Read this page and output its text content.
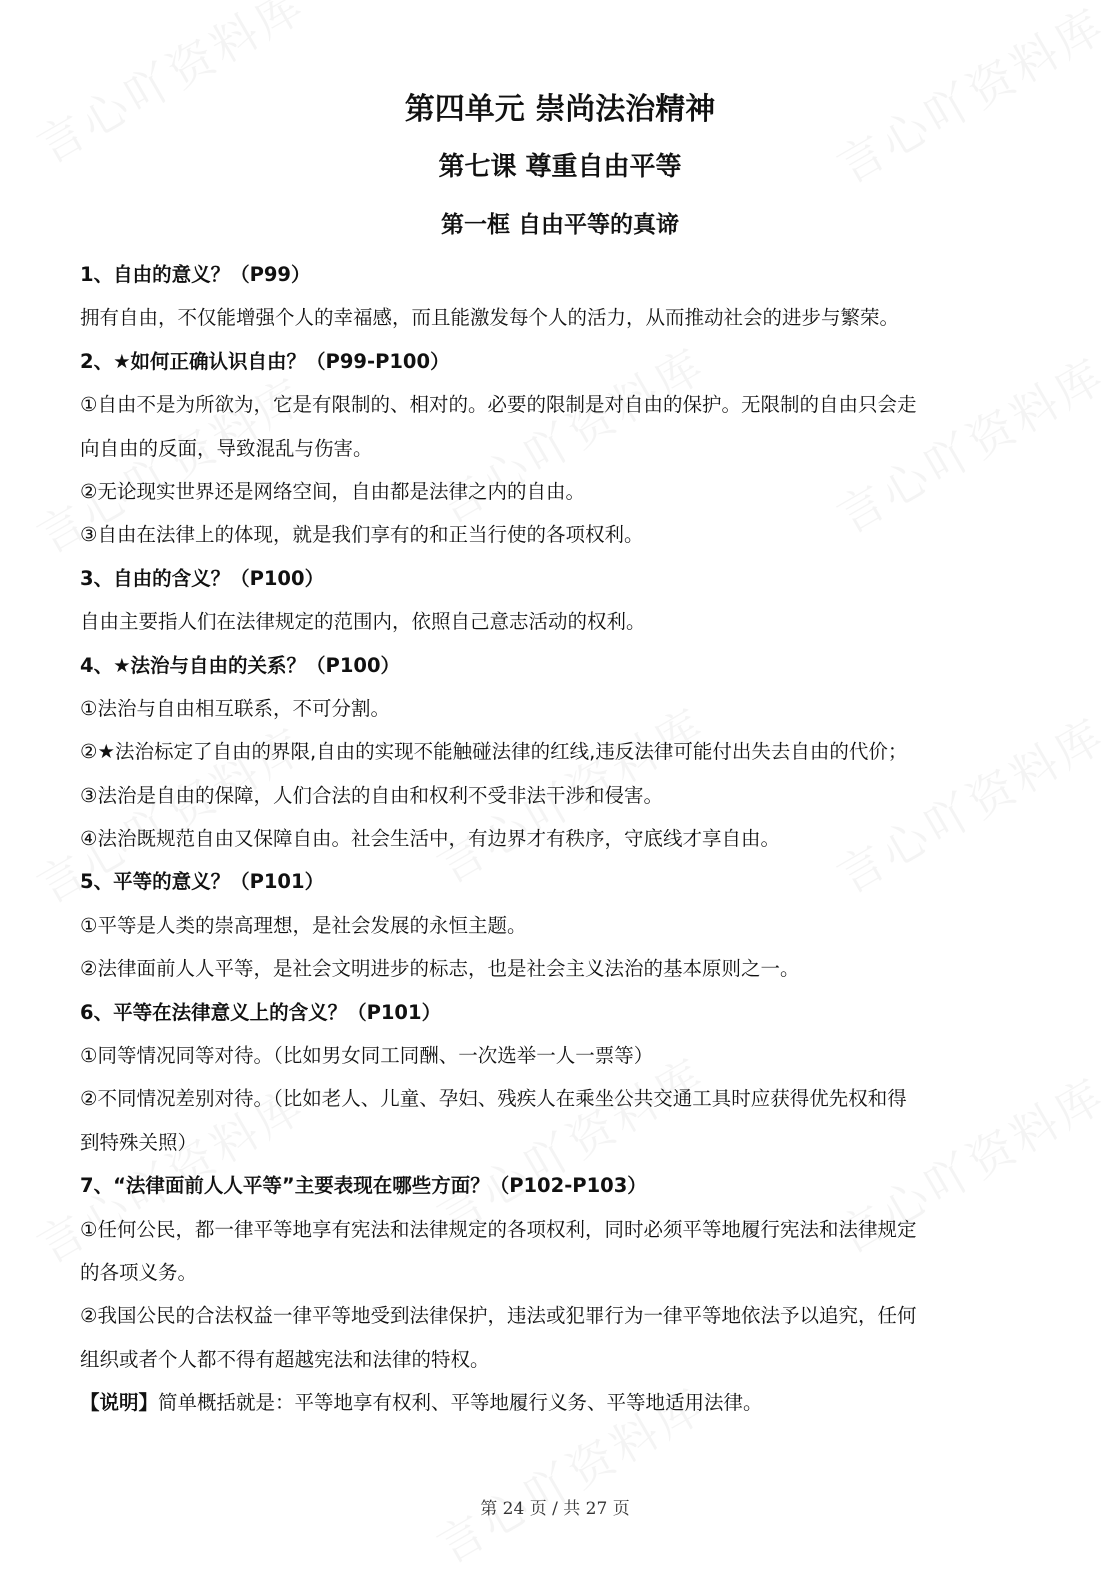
第四单元 崇尚法治精神
第七课 尊重自由平等
第一框 自由平等的真谛
1、自由的意义？（P99）
拥有自由，不仅能增强个人的幸福感，而且能激发每个人的活力，从而推动社会的进步与繁荣。
2、★如何正确认识自由？（P99-P100）
①自由不是为所欲为，它是有限制的、相对的。必要的限制是对自由的保护。无限制的自由只会走
向自由的反面，导致混乱与伤害。
②无论现实世界还是网络空间，自由都是法律之内的自由。
③自由在法律上的体现，就是我们享有的和正当行使的各项权利。
3、自由的含义？（P100）
自由主要指人们在法律规定的范围内，依照自己意志活动的权利。
4、★法治与自由的关系？（P100）
①法治与自由相互联系，不可分割。
②★法治标定了自由的界限,自由的实现不能触碰法律的红线,违反法律可能付出失去自由的代价；
③法治是自由的保障，人们合法的自由和权利不受非法干涉和侵害。
④法治既规范自由又保障自由。社会生活中，有边界才有秩序，守底线才享自由。
5、平等的意义？（P101）
①平等是人类的崇高理想，是社会发展的永恒主题。
②法律面前人人平等，是社会文明进步的标志，也是社会主义法治的基本原则之一。
6、平等在法律意义上的含义？（P101）
①同等情况同等对待。（比如男女同工同酬、一次选举一人一票等）
②不同情况差别对待。（比如老人、儿童、孕妇、残疾人在乘坐公共交通工具时应获得优先权和得
到特殊关照）
7、“法律面前人人平等”主要表现在哪些方面？（P102-P103）
①任何公民，都一律平等地享有宪法和法律规定的各项权利，同时必须平等地履行宪法和法律规定
的各项义务。
②我国公民的合法权益一律平等地受到法律保护，违法或犯罪行为一律平等地依法予以追究，任何
组织或者个人都不得有超越宪法和法律的特权。
【说明】简单概括就是：平等地享有权利、平等地履行义务、平等地适用法律。
第 24 页 / 共 27 页
